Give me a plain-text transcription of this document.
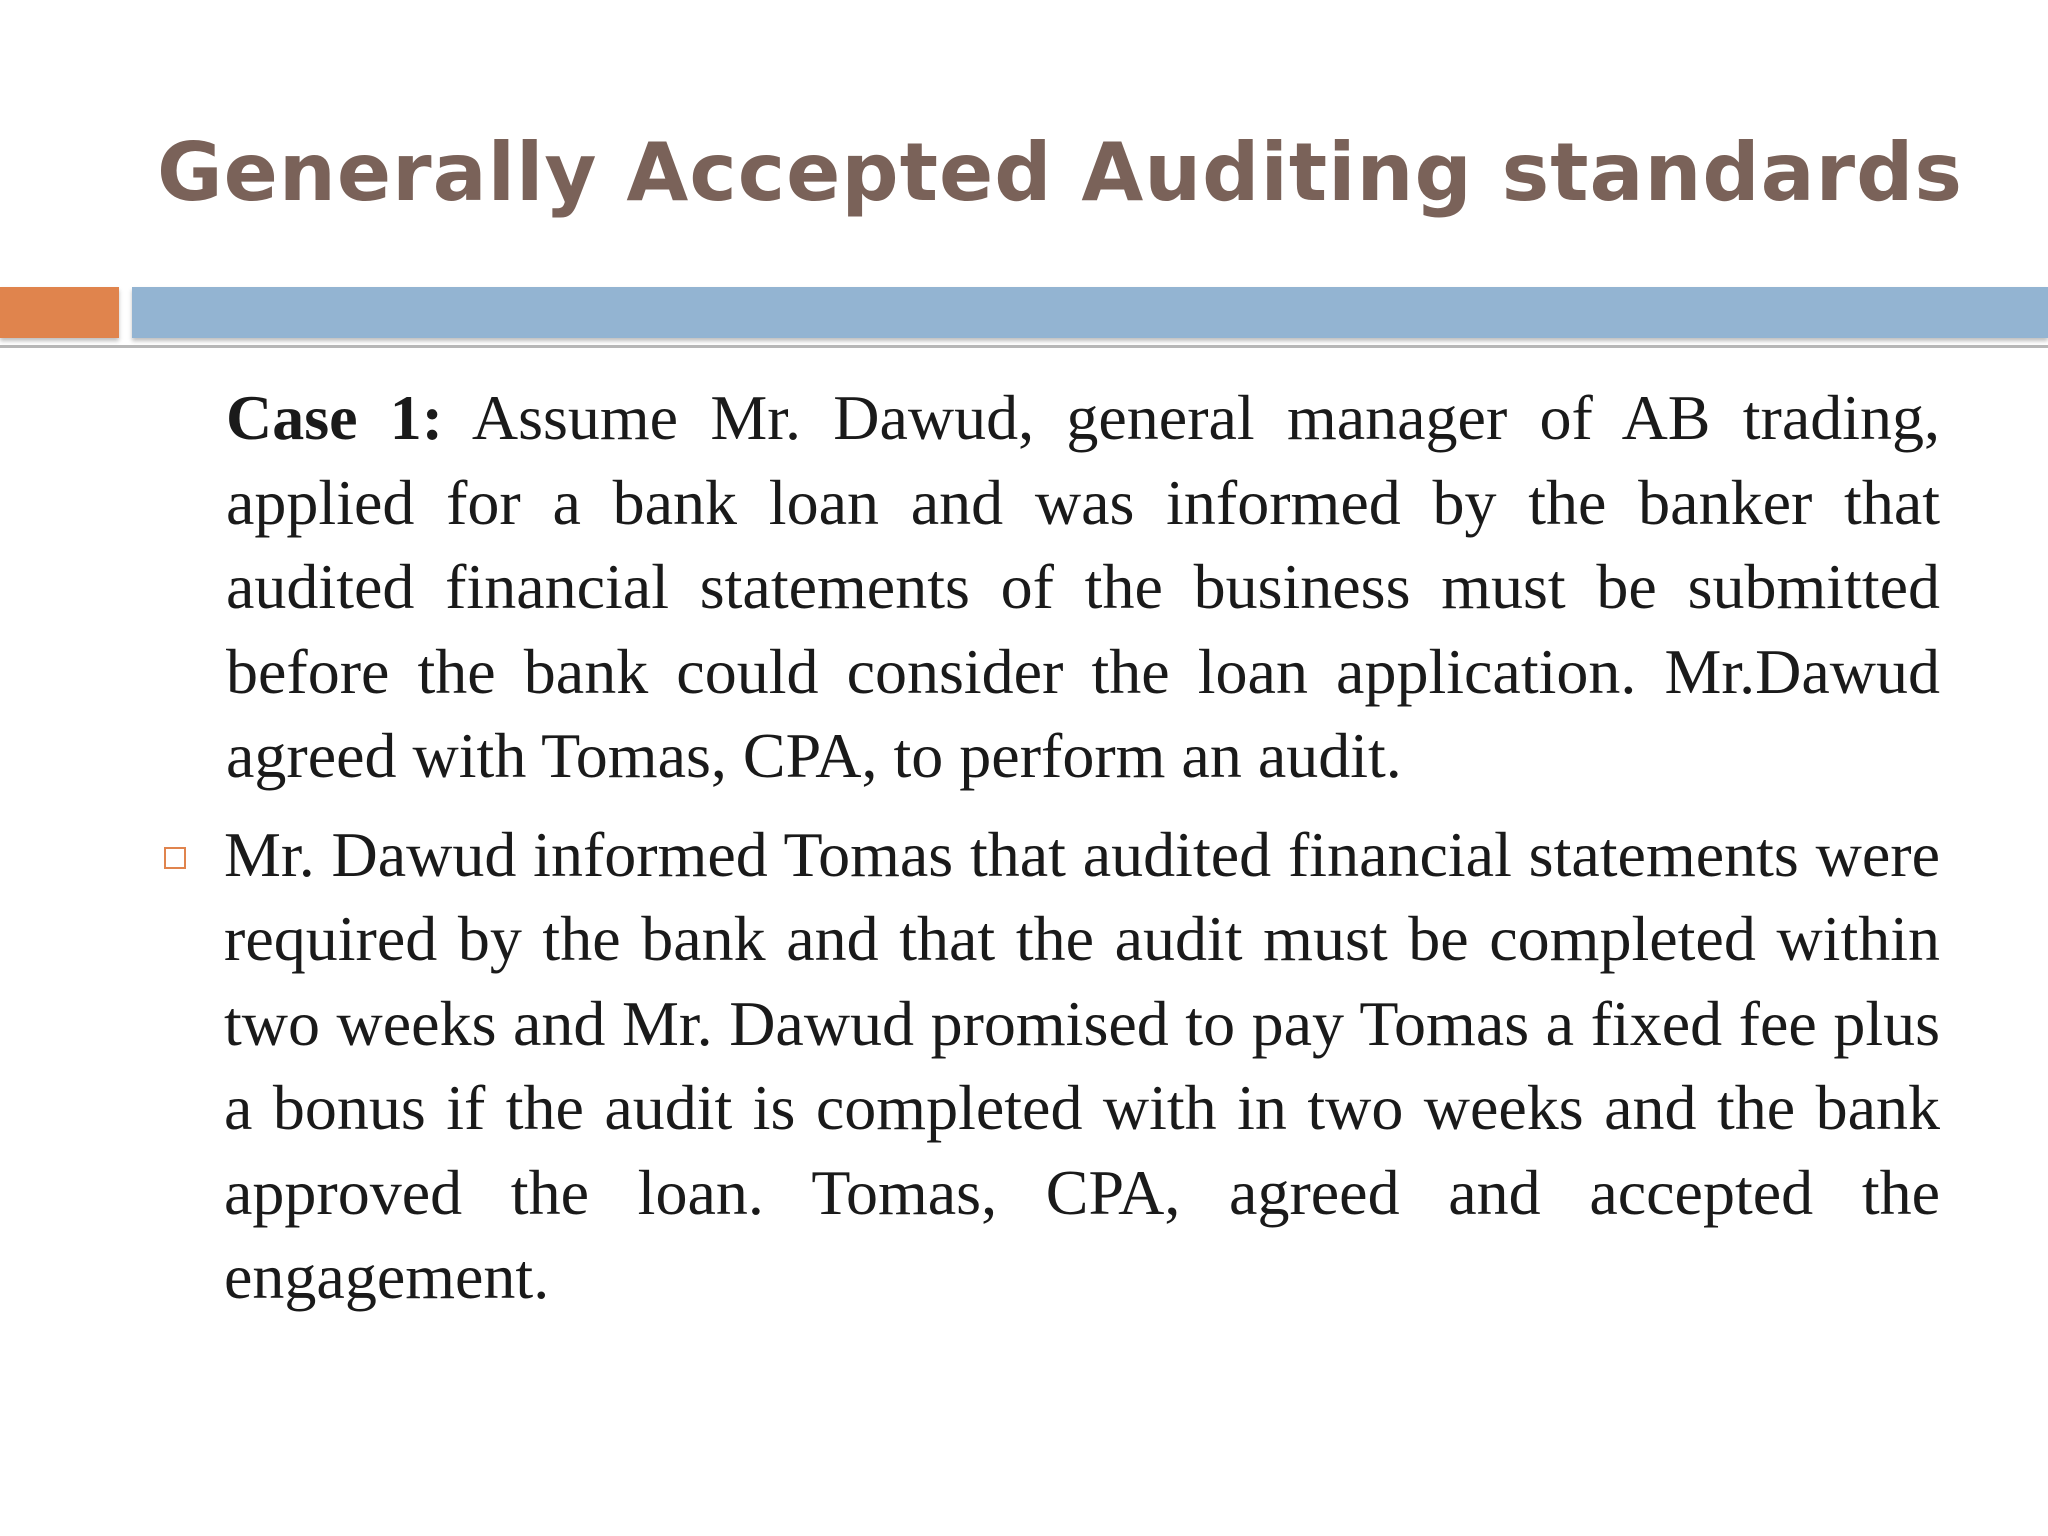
Generally Accepted Auditing standards

Case 1: Assume Mr. Dawud, general manager of AB trading, applied for a bank loan and was informed by the banker that audited financial statements of the business must be submitted before the bank could consider the loan application. Mr.Dawud agreed with Tomas, CPA, to perform an audit.

Mr. Dawud informed Tomas that audited financial statements were required by the bank and that the audit must be completed within two weeks and Mr. Dawud promised to pay Tomas a fixed fee plus a bonus if the audit is completed with in two weeks and the bank approved the loan. Tomas, CPA, agreed and accepted the engagement.
